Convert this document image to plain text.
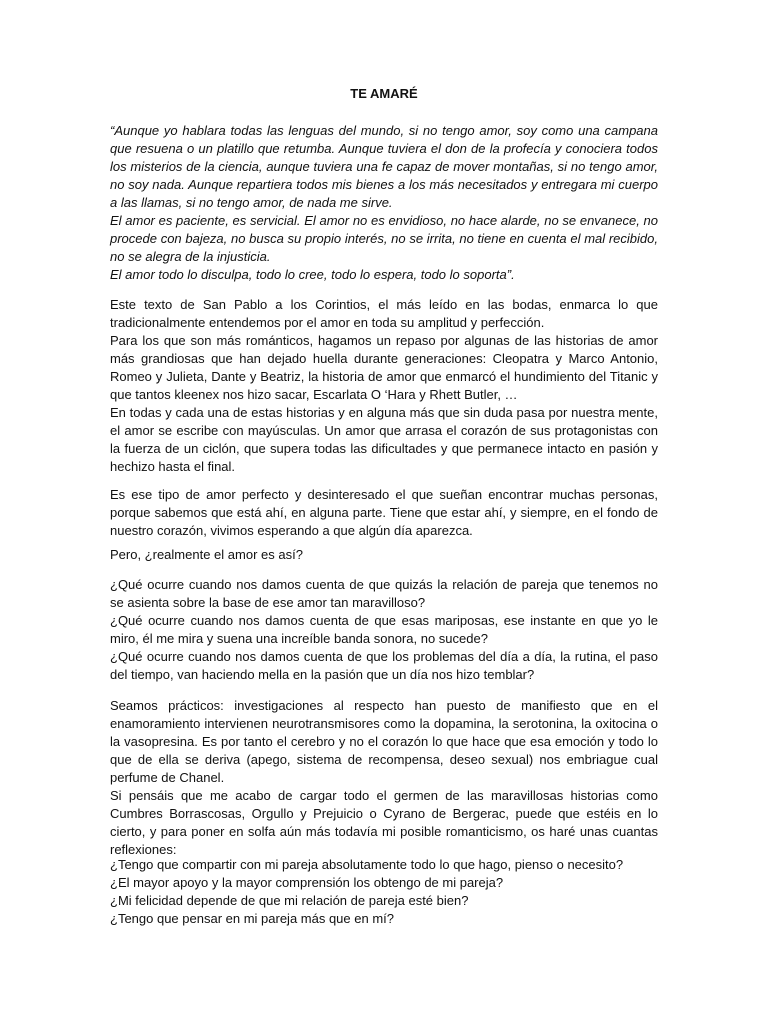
TE AMARÉ

“Aunque yo hablara todas las lenguas del mundo, si no tengo amor, soy como una campana que resuena o un platillo que retumba. Aunque tuviera el don de la profecía y conociera todos los misterios de la ciencia, aunque tuviera una fe capaz de mover montañas, si no tengo amor, no soy nada. Aunque repartiera todos mis bienes a los más necesitados y entregara mi cuerpo a las llamas, si no tengo amor, de nada me sirve.

El amor es paciente, es servicial. El amor no es envidioso, no hace alarde, no se envanece, no procede con bajeza, no busca su propio interés, no se irrita, no tiene en cuenta el mal recibido, no se alegra de la injusticia.

El amor todo lo disculpa, todo lo cree, todo lo espera, todo lo soporta”.

Este texto de San Pablo a los Corintios, el más leído en las bodas, enmarca lo que tradicionalmente entendemos por el amor en toda su amplitud y perfección.

Para los que son más románticos, hagamos un repaso por algunas de las historias de amor más grandiosas que han dejado huella durante generaciones: Cleopatra y Marco Antonio, Romeo y Julieta, Dante y Beatriz, la historia de amor que enmarcó el hundimiento del Titanic y que tantos kleenex nos hizo sacar, Escarlata O ‘Hara y Rhett Butler, …

En todas y cada una de estas historias y en alguna más que sin duda pasa por nuestra mente, el amor se escribe con mayúsculas. Un amor que arrasa el corazón de sus protagonistas con la fuerza de un ciclón, que supera todas las dificultades y que permanece intacto en pasión y hechizo hasta el final.

Es ese tipo de amor perfecto y desinteresado el que sueñan encontrar muchas personas, porque sabemos que está ahí, en alguna parte. Tiene que estar ahí, y siempre, en el fondo de nuestro corazón, vivimos esperando a que algún día aparezca.

Pero, ¿realmente el amor es así?

¿Qué ocurre cuando nos damos cuenta de que quizás la relación de pareja que tenemos no se asienta sobre la base de ese amor tan maravilloso?

¿Qué ocurre cuando nos damos cuenta de que esas mariposas, ese instante en que yo le miro, él me mira y suena una increíble banda sonora, no sucede?

¿Qué ocurre cuando nos damos cuenta de que los problemas del día a día, la rutina, el paso del tiempo, van haciendo mella en la pasión que un día nos hizo temblar?

Seamos prácticos: investigaciones al respecto han puesto de manifiesto que en el enamoramiento intervienen neurotransmisores como la dopamina, la serotonina, la oxitocina o la vasopresina. Es por tanto el cerebro y no el corazón lo que hace que esa emoción y todo lo que de ella se deriva (apego, sistema de recompensa, deseo sexual) nos embriague cual perfume de Chanel.

Si pensáis que me acabo de cargar todo el germen de las maravillosas historias como Cumbres Borrascosas, Orgullo y Prejuicio o Cyrano de Bergerac, puede que estéis en lo cierto, y para poner en solfa aún más todavía mi posible romanticismo, os haré unas cuantas reflexiones:

¿Tengo que compartir con mi pareja absolutamente todo lo que hago, pienso o necesito?

¿El mayor apoyo y la mayor comprensión los obtengo de mi pareja?

¿Mi felicidad depende de que mi relación de pareja esté bien?

¿Tengo que pensar en mi pareja más que en mí?
